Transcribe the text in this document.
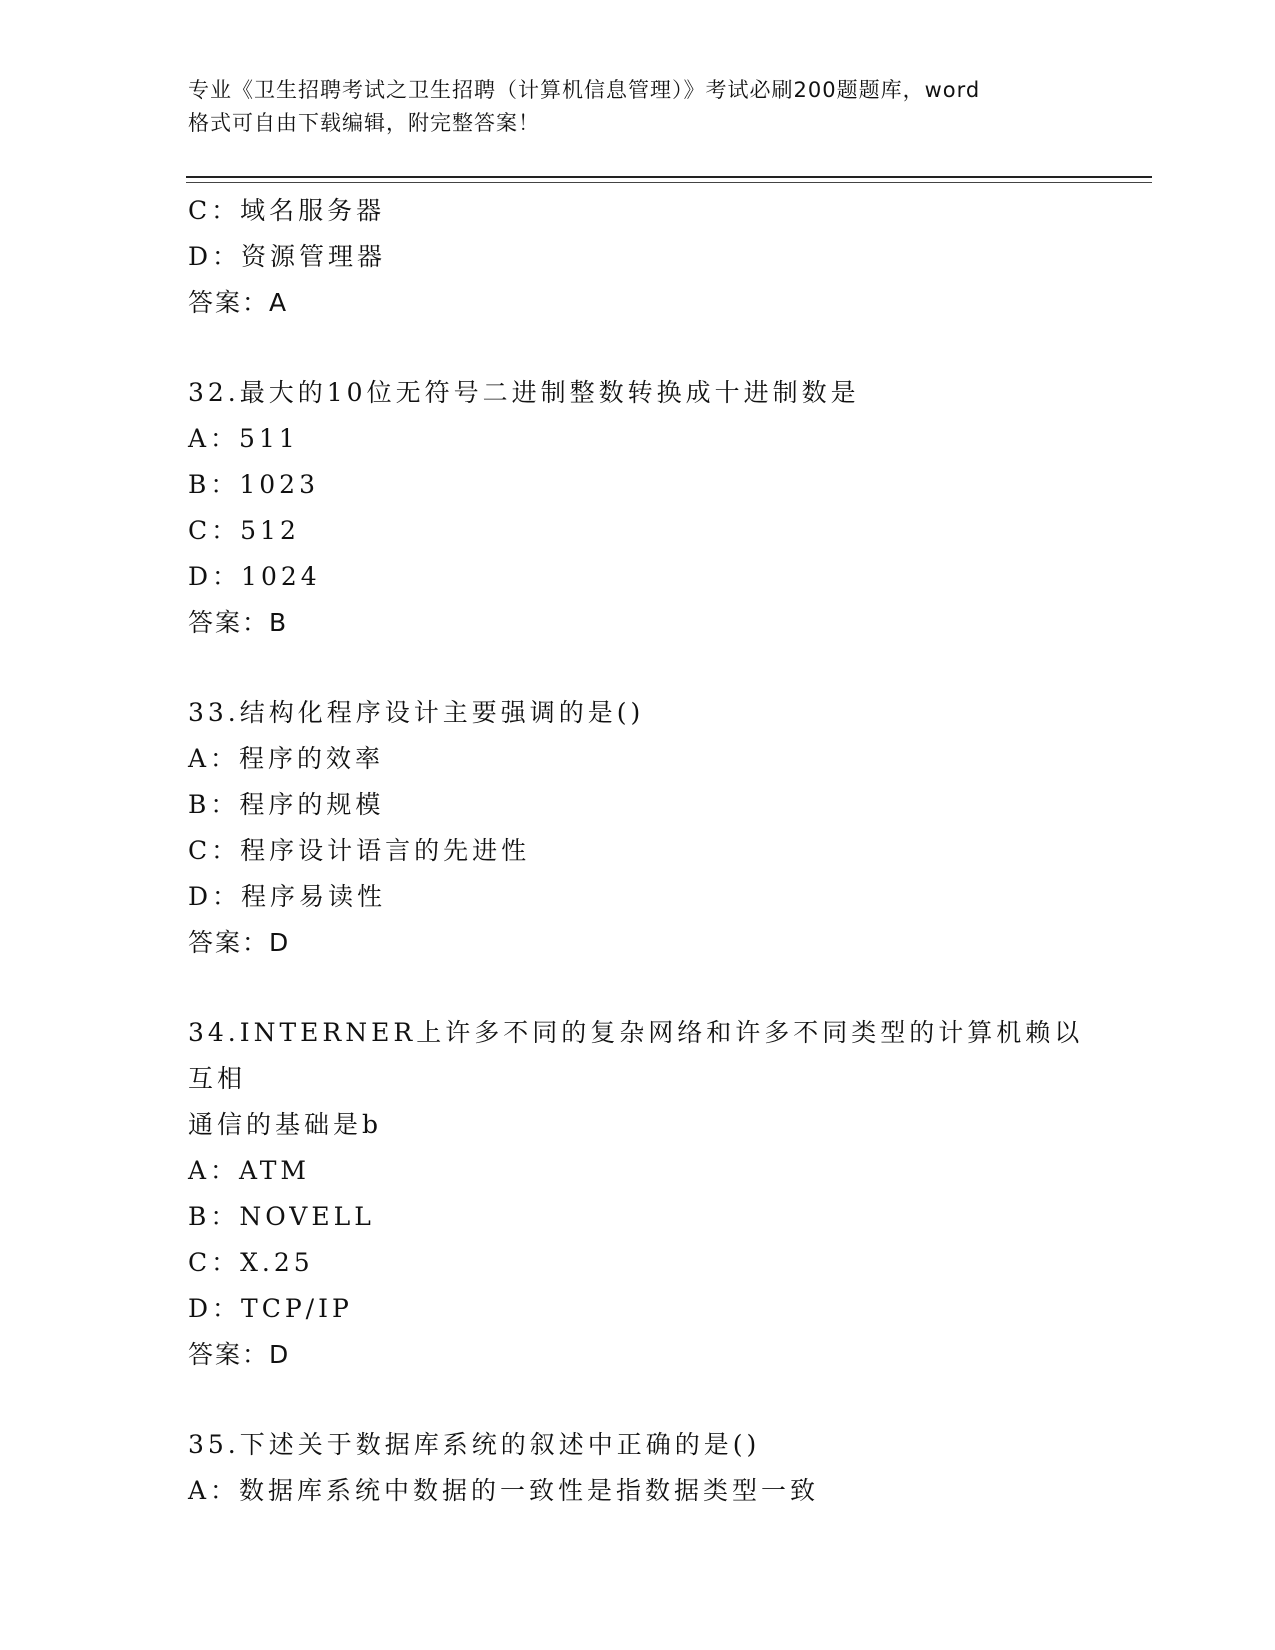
专业《卫生招聘考试之卫生招聘（计算机信息管理）》考试必刷200题题库，word
格式可自由下载编辑，附完整答案！
C：域名服务器
D：资源管理器
答案：A
32.最大的10位无符号二进制整数转换成十进制数是
A：511
B：1023
C：512
D：1024
答案：B
33.结构化程序设计主要强调的是()
A：程序的效率
B：程序的规模
C：程序设计语言的先进性
D：程序易读性
答案：D
34.INTERNER上许多不同的复杂网络和许多不同类型的计算机赖以互相
通信的基础是b
A：ATM
B：NOVELL
C：X.25
D：TCP/IP
答案：D
35.下述关于数据库系统的叙述中正确的是()
A：数据库系统中数据的一致性是指数据类型一致
